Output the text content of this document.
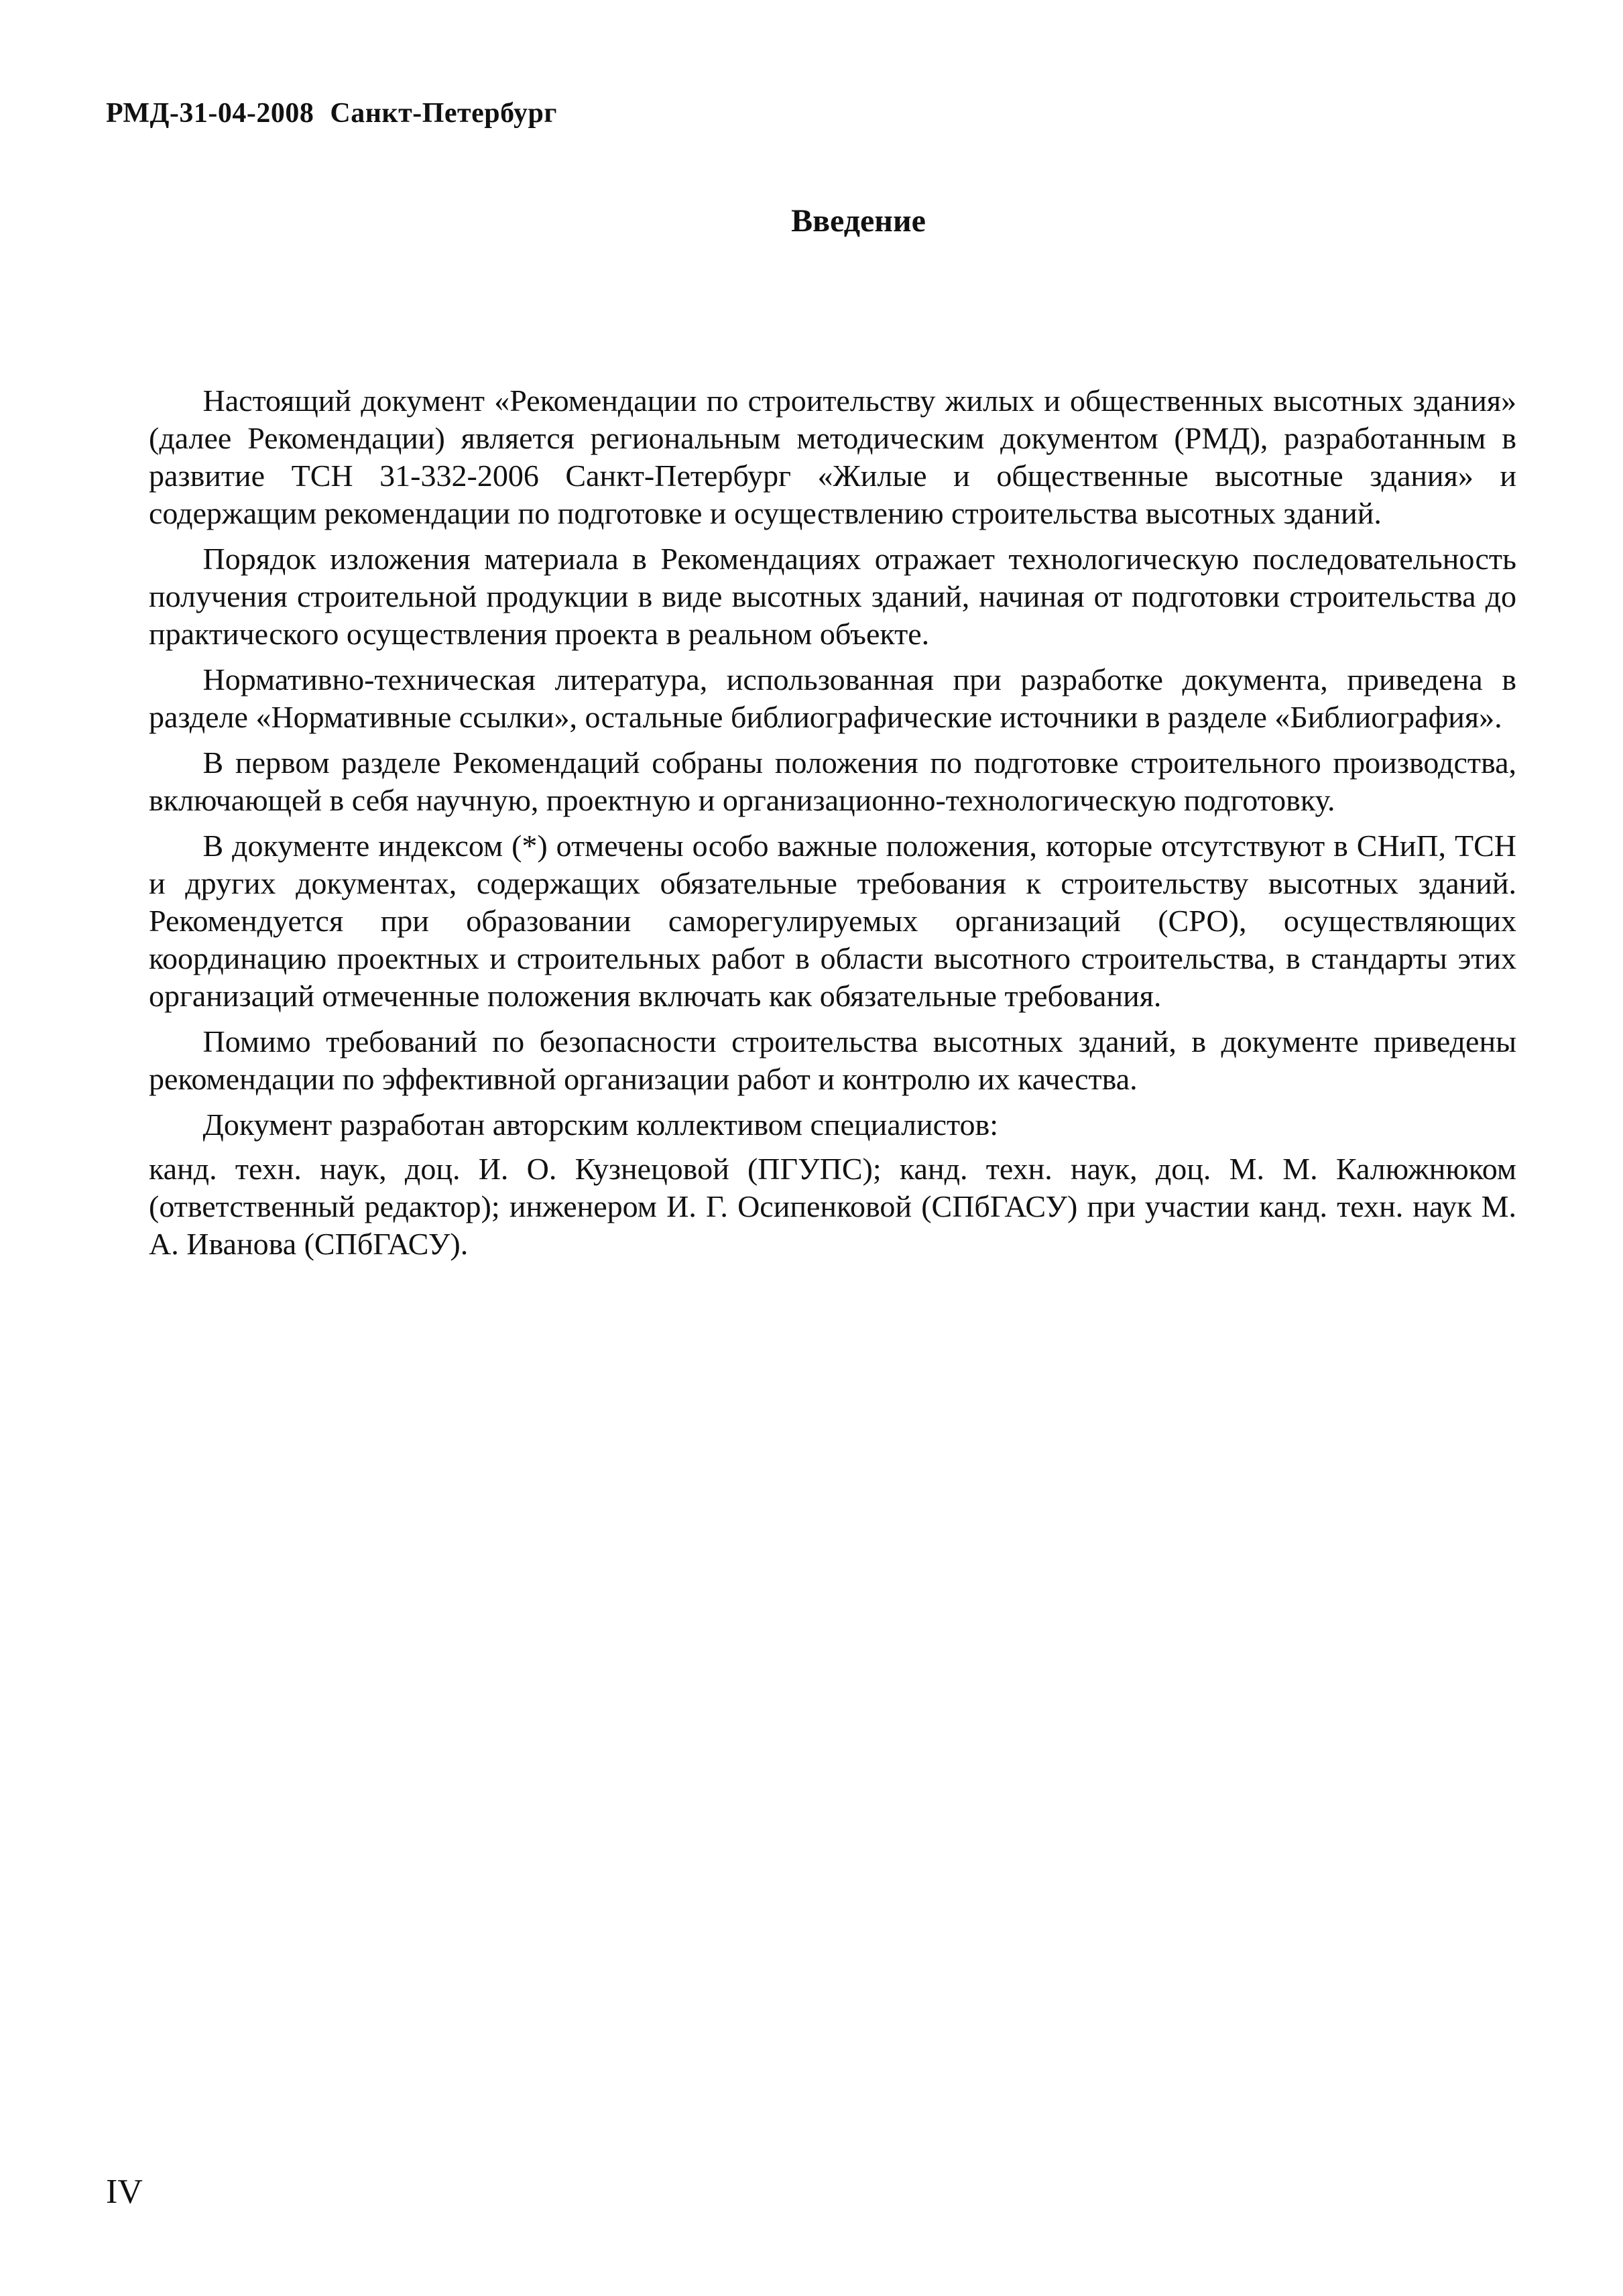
РМД-31-04-2008 Санкт-Петербург
Введение

Настоящий документ «Рекомендации по строительству жилых и общественных высотных здания» (далее Рекомендации) является региональным методическим документом (РМД), разработанным в развитие ТСН 31-332-2006 Санкт-Петербург «Жилые и общественные высотные здания» и содержащим рекомендации по подготовке и осуществлению строительства высотных зданий.

Порядок изложения материала в Рекомендациях отражает технологическую последовательность получения строительной продукции в виде высотных зданий, начиная от подготовки строительства до практического осуществления проекта в реальном объекте.

Нормативно-техническая литература, использованная при разработке документа, приведена в разделе «Нормативные ссылки», остальные библиографические источники в разделе «Библиография».

В первом разделе Рекомендаций собраны положения по подготовке строительного производства, включающей в себя научную, проектную и организационно-технологическую подготовку.

В документе индексом (*) отмечены особо важные положения, которые отсутствуют в СНиП, ТСН и других документах, содержащих обязательные требования к строительству высотных зданий. Рекомендуется при образовании саморегулируемых организаций (СРО), осуществляющих координацию проектных и строительных работ в области высотного строительства, в стандарты этих организаций отмеченные положения включать как обязательные требования.

Помимо требований по безопасности строительства высотных зданий, в документе приведены рекомендации по эффективной организации работ и контролю их качества.

Документ разработан авторским коллективом специалистов:

канд. техн. наук, доц. И. О. Кузнецовой (ПГУПС); канд. техн. наук, доц. М. М. Калюжнюком (ответственный редактор); инженером И. Г. Осипенковой (СПбГАСУ) при участии канд. техн. наук М. А. Иванова (СПбГАСУ).

IV
